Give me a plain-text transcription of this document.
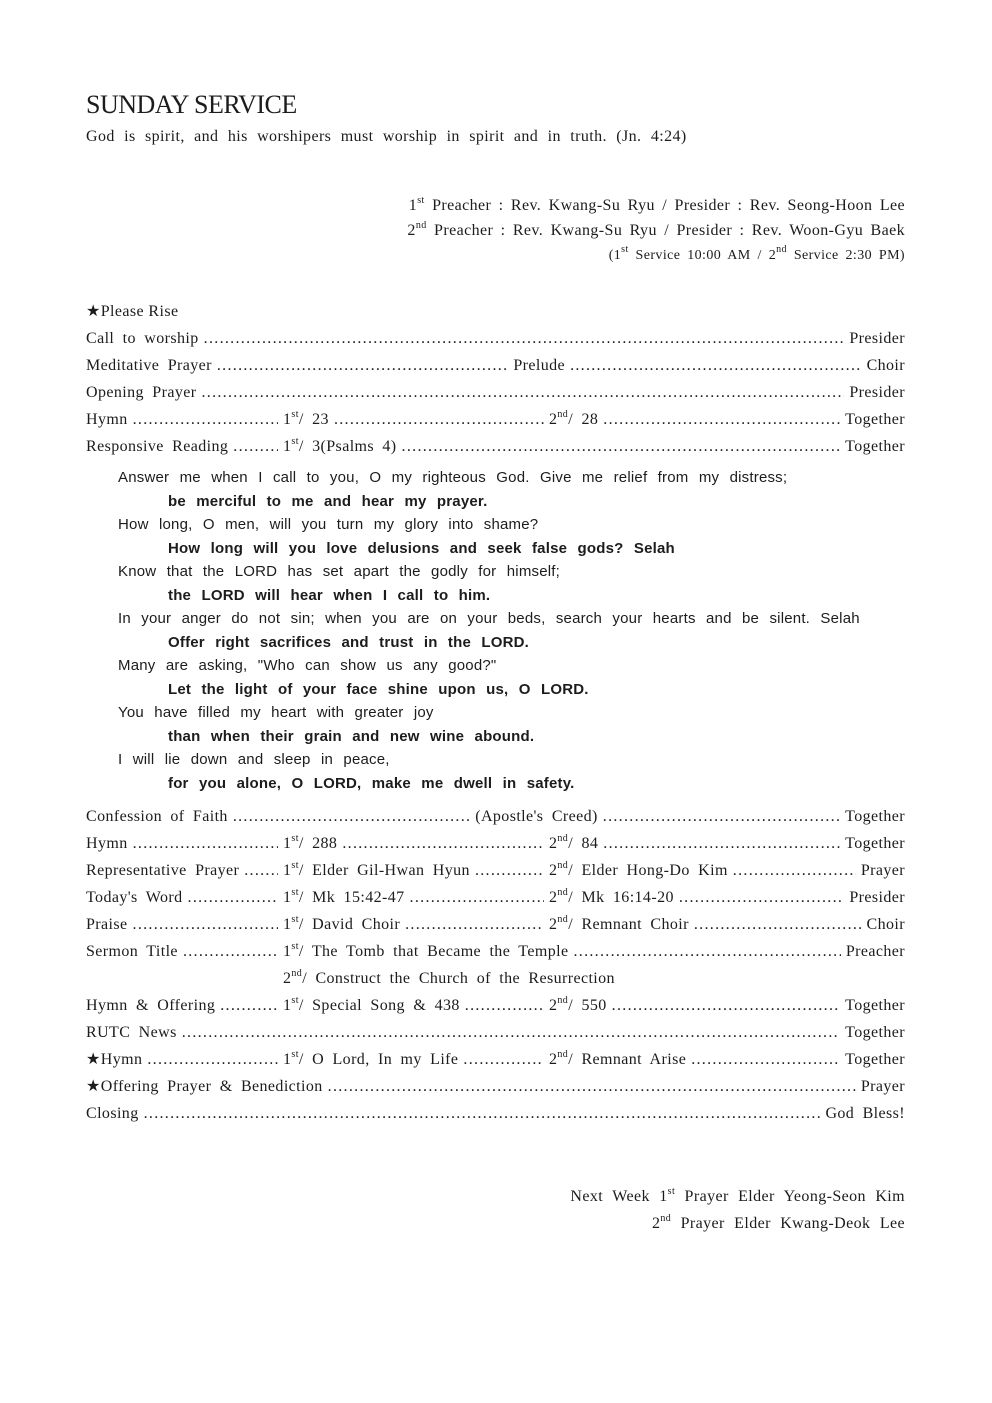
SUNDAY SERVICE
God is spirit, and his worshipers must worship in spirit and in truth. (Jn. 4:24)
1st Preacher : Rev. Kwang-Su Ryu / Presider : Rev. Seong-Hoon Lee
2nd Preacher : Rev. Kwang-Su Ryu / Presider : Rev. Woon-Gyu Baek
(1st Service 10:00 AM / 2nd Service 2:30 PM)
★Please Rise
Call to worship .....	Presider
Meditative Prayer .....	Prelude .....	Choir
Opening Prayer .....	Presider
Hymn .....	1st/ 23 .....	2nd/ 28 .....	Together
Responsive Reading .....	1st/ 3(Psalms 4) .....	Together
Answer me when I call to you, O my righteous God. Give me relief from my distress;
be merciful to me and hear my prayer.
How long, O men, will you turn my glory into shame?
How long will you love delusions and seek false gods? Selah
Know that the LORD has set apart the godly for himself;
the LORD will hear when I call to him.
In your anger do not sin; when you are on your beds, search your hearts and be silent. Selah
Offer right sacrifices and trust in the LORD.
Many are asking, "Who can show us any good?"
Let the light of your face shine upon us, O LORD.
You have filled my heart with greater joy
than when their grain and new wine abound.
I will lie down and sleep in peace,
for you alone, O LORD, make me dwell in safety.
Confession of Faith .....	(Apostle's Creed) .....	Together
Hymn .....	1st/ 288 .....	2nd/ 84 .....	Together
Representative Prayer .....	1st/ Elder Gil-Hwan Hyun .....	2nd/ Elder Hong-Do Kim .....	Prayer
Today's Word .....	1st/ Mk 15:42-47 .....	2nd/ Mk 16:14-20 .....	Presider
Praise .....	1st/ David Choir .....	2nd/ Remnant Choir .....	Choir
Sermon Title .....	1st/ The Tomb that Became the Temple .....	Preacher
2nd/ Construct the Church of the Resurrection
Hymn & Offering .....	1st/ Special Song & 438 .....	2nd/ 550 .....	Together
RUTC News .....	Together
★Hymn .....	1st/ O Lord, In my Life .....	2nd/ Remnant Arise .....	Together
★Offering Prayer & Benediction .....	Prayer
Closing .....	God Bless!
Next Week 1st Prayer Elder Yeong-Seon Kim
2nd Prayer Elder Kwang-Deok Lee
